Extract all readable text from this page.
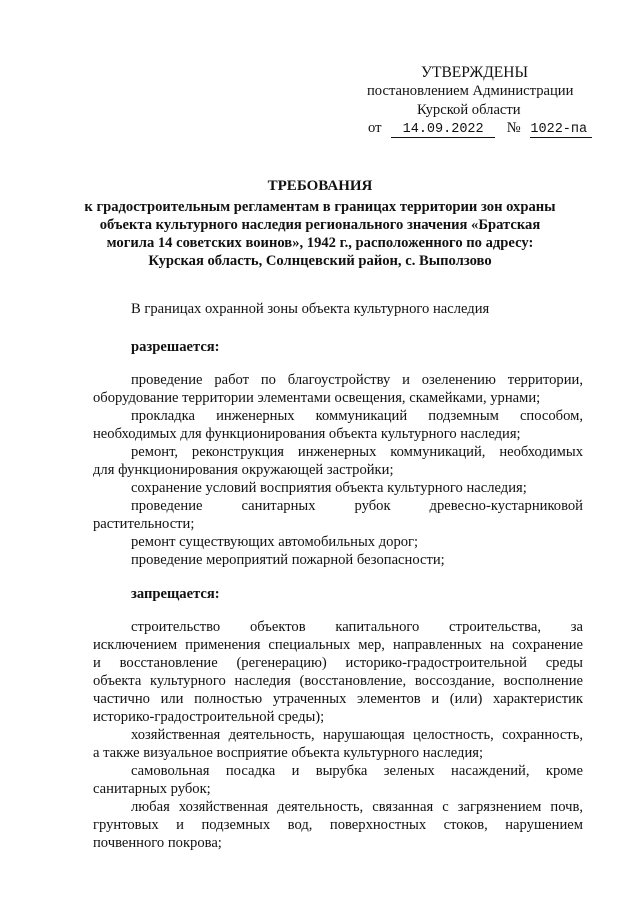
УТВЕРЖДЕНЫ
постановлением Администрации
Курской области
от 14.09.2022 № 1022-па
ТРЕБОВАНИЯ
к градостроительным регламентам в границах территории зон охраны
объекта культурного наследия регионального значения «Братская
могила 14 советских воинов», 1942 г., расположенного по адресу:
Курская область, Солнцевский район, с. Выползово
В границах охранной зоны объекта культурного наследия
разрешается:
проведение работ по благоустройству и озеленению территории,
оборудование территории элементами освещения, скамейками, урнами;
прокладка инженерных коммуникаций подземным способом,
необходимых для функционирования объекта культурного наследия;
ремонт, реконструкция инженерных коммуникаций, необходимых
для функционирования окружающей застройки;
сохранение условий восприятия объекта культурного наследия;
проведение санитарных рубок древесно-кустарниковой
растительности;
ремонт существующих автомобильных дорог;
проведение мероприятий пожарной безопасности;
запрещается:
строительство объектов капитального строительства, за
исключением применения специальных мер, направленных на сохранение
и восстановление (регенерацию) историко-градостроительной среды
объекта культурного наследия (восстановление, воссоздание, восполнение
частично или полностью утраченных элементов и (или) характеристик
историко-градостроительной среды);
хозяйственная деятельность, нарушающая целостность, сохранность,
а также визуальное восприятие объекта культурного наследия;
самовольная посадка и вырубка зеленых насаждений, кроме
санитарных рубок;
любая хозяйственная деятельность, связанная с загрязнением почв,
грунтовых и подземных вод, поверхностных стоков, нарушением
почвенного покрова;
